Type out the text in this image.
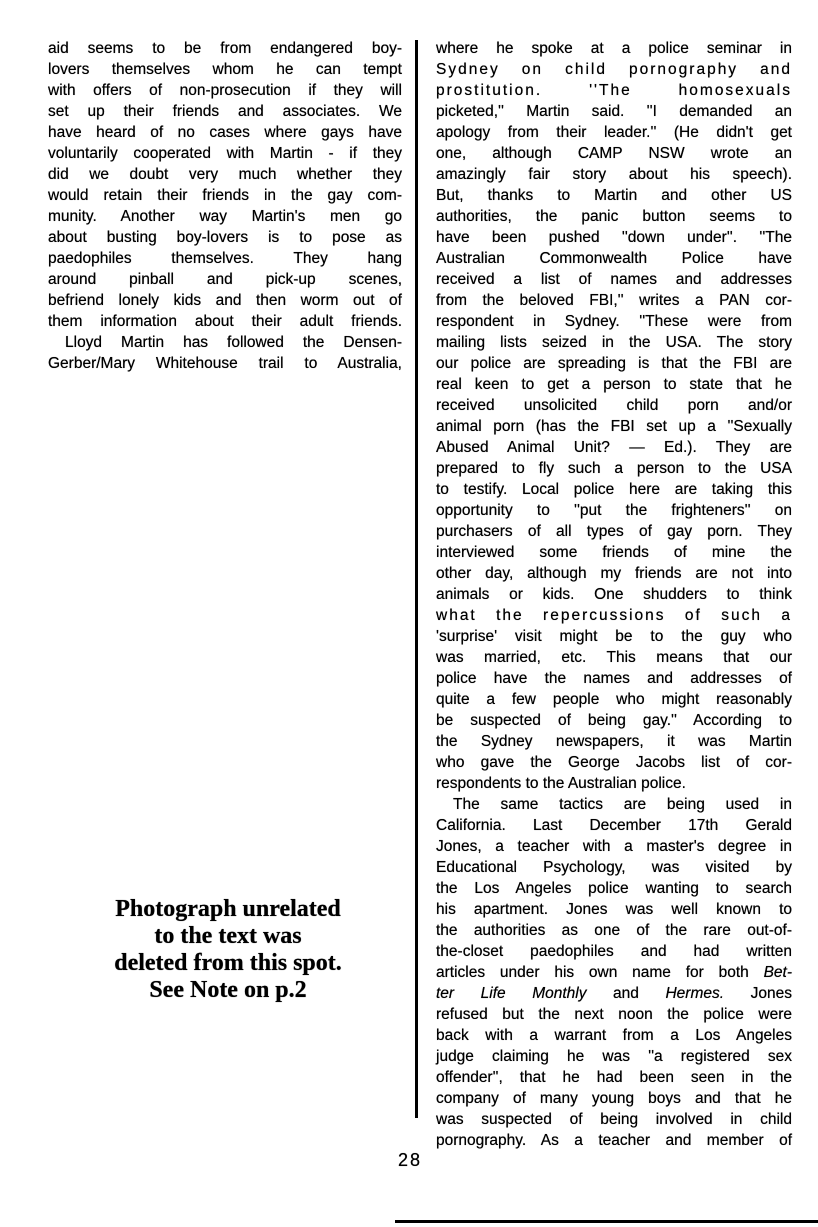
aid seems to be from endangered boy-
lovers themselves whom he can tempt
with offers of non-prosecution if they will
set up their friends and associates. We
have heard of no cases where gays have
voluntarily cooperated with Martin - if they
did we doubt very much whether they
would retain their friends in the gay com-
munity. Another way Martin's men go
about busting boy-lovers is to pose as
paedophiles themselves. They hang
around pinball and pick-up scenes,
befriend lonely kids and then worm out of
them information about their adult friends.
Lloyd Martin has followed the Densen-
Gerber/Mary Whitehouse trail to Australia,
where he spoke at a police seminar in
Sydney on child pornography and
prostitution. ''The homosexuals
picketed,'' Martin said. ''I demanded an
apology from their leader.'' (He didn't get
one, although CAMP NSW wrote an
amazingly fair story about his speech).
But, thanks to Martin and other US
authorities, the panic button seems to
have been pushed ''down under''. ''The
Australian Commonwealth Police have
received a list of names and addresses
from the beloved FBI,'' writes a PAN cor-
respondent in Sydney. ''These were from
mailing lists seized in the USA. The story
our police are spreading is that the FBI are
real keen to get a person to state that he
received unsolicited child porn and/or
animal porn (has the FBI set up a ''Sexually
Abused Animal Unit? — Ed.). They are
prepared to fly such a person to the USA
to testify. Local police here are taking this
opportunity to ''put the frighteners'' on
purchasers of all types of gay porn. They
interviewed some friends of mine the
other day, although my friends are not into
animals or kids. One shudders to think
what the repercussions of such a
'surprise' visit might be to the guy who
was married, etc. This means that our
police have the names and addresses of
quite a few people who might reasonably
be suspected of being gay.'' According to
the Sydney newspapers, it was Martin
who gave the George Jacobs list of cor-
respondents to the Australian police.
The same tactics are being used in
California. Last December 17th Gerald
Jones, a teacher with a master's degree in
Educational Psychology, was visited by
the Los Angeles police wanting to search
his apartment. Jones was well known to
the authorities as one of the rare out-of-
the-closet paedophiles and had written
articles under his own name for both Bet-
ter Life Monthly and Hermes. Jones
refused but the next noon the police were
back with a warrant from a Los Angeles
judge claiming he was ''a registered sex
offender'', that he had been seen in the
company of many young boys and that he
was suspected of being involved in child
pornography. As a teacher and member of
Photograph unrelated
to the text was
deleted from this spot.
See Note on p.2
28
